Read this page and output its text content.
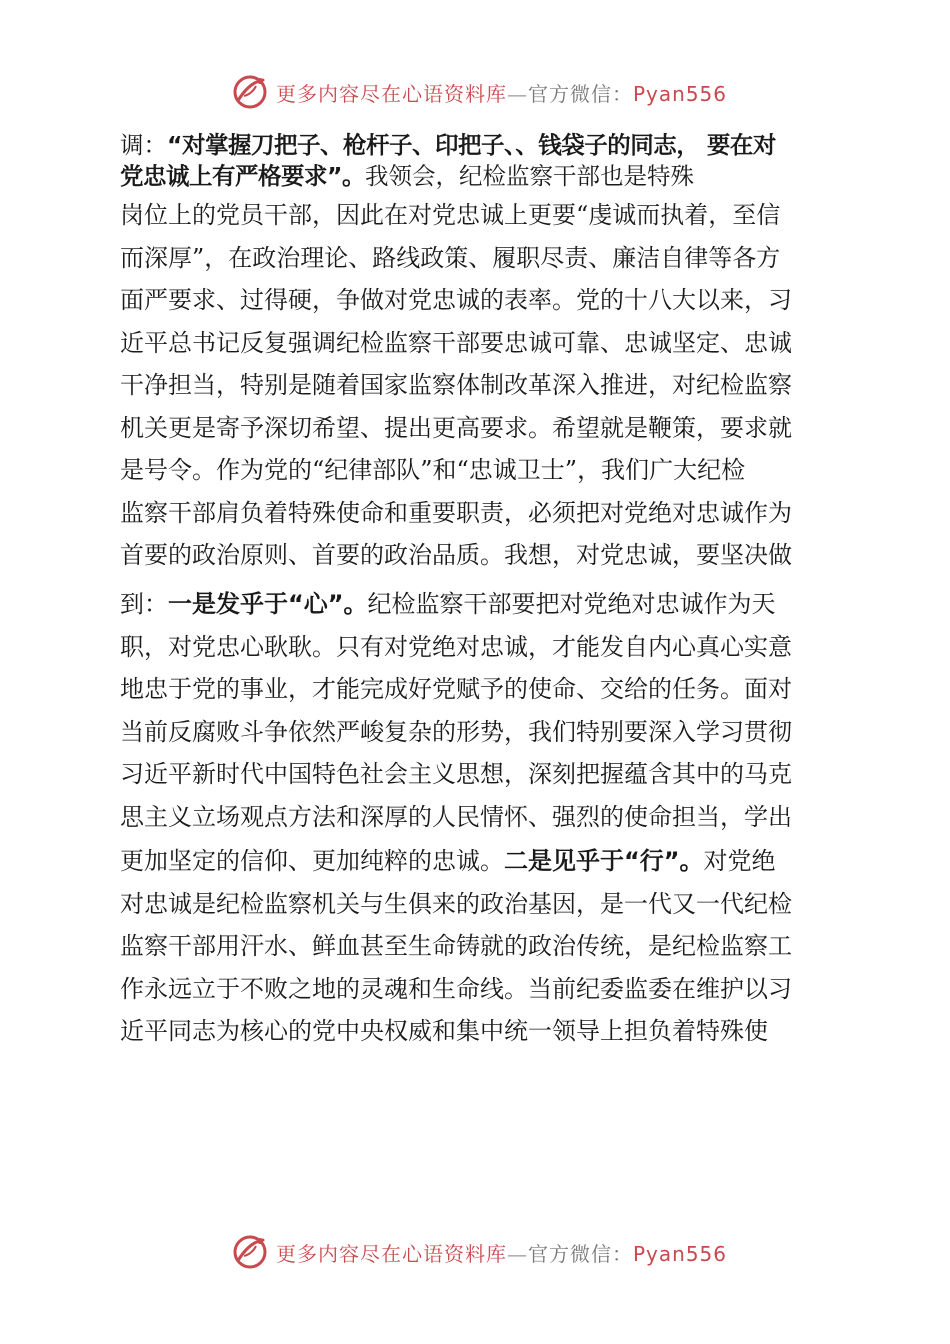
更多内容尽在心语资料库—官方微信：Pyan556
调：“对掌握刀把子、枪杆子、印把子、、钱袋子的同志， 要在对
党忠诚上有严格要求”。我领会，纪检监察干部也是特殊
岗位上的党员干部，因此在对党忠诚上更要“虔诚而执着，至信
而深厚”，在政治理论、路线政策、履职尽责、廉洁自律等各方
面严要求、过得硬，争做对党忠诚的表率。党的十八大以来，习
近平总书记反复强调纪检监察干部要忠诚可靠、忠诚坚定、忠诚
干净担当，特别是随着国家监察体制改革深入推进，对纪检监察
机关更是寄予深切希望、提出更高要求。希望就是鞭策，要求就
是号令。作为党的“纪律部队”和“忠诚卫士”，我们广大纪检
监察干部肩负着特殊使命和重要职责，必须把对党绝对忠诚作为
首要的政治原则、首要的政治品质。我想，对党忠诚，要坚决做
到：一是发乎于“心”。纪检监察干部要把对党绝对忠诚作为天
职，对党忠心耿耿。只有对党绝对忠诚，才能发自内心真心实意
地忠于党的事业，才能完成好党赋予的使命、交给的任务。面对
当前反腐败斗争依然严峻复杂的形势，我们特别要深入学习贯彻
习近平新时代中国特色社会主义思想，深刻把握蕴含其中的马克
思主义立场观点方法和深厚的人民情怀、强烈的使命担当，学出
更加坚定的信仰、更加纯粹的忠诚。二是见乎于“行”。对党绝
对忠诚是纪检监察机关与生俱来的政治基因，是一代又一代纪检
监察干部用汗水、鲜血甚至生命铸就的政治传统，是纪检监察工
作永远立于不败之地的灵魂和生命线。当前纪委监委在维护以习
近平同志为核心的党中央权威和集中统一领导上担负着特殊使
更多内容尽在心语资料库—官方微信：Pyan556
